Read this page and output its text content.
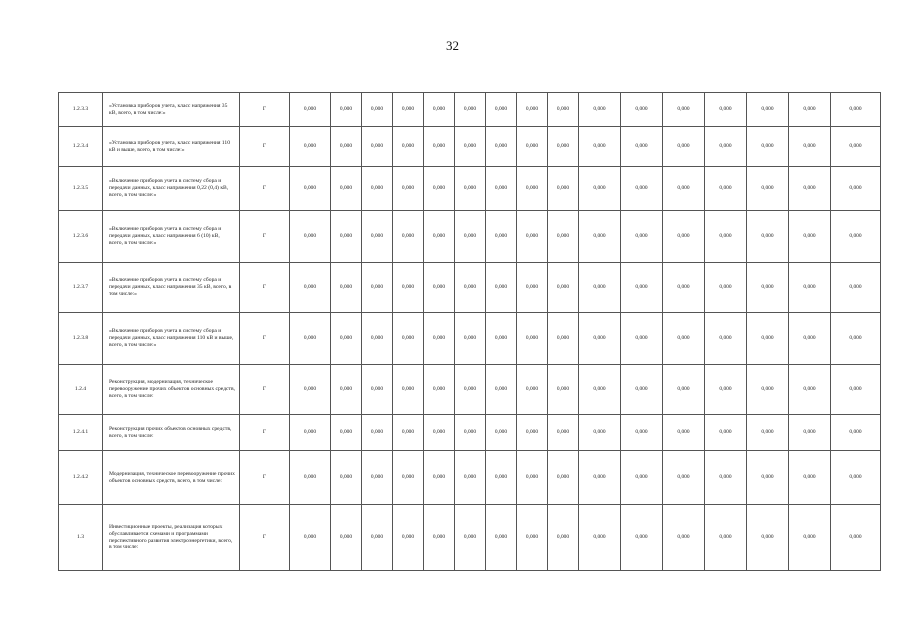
32
1.2.3.3	«Установка приборов учета, класс напряжения 35 кВ, всего, в том числе:»	Г	0,000	0,000	0,000	0,000	0,000	0,000	0,000	0,000	0,000	0,000	0,000	0,000	0,000	0,000	0,000	0,000
1.2.3.4	«Установка приборов учета, класс напряжения 110 кВ и выше, всего, в том числе:»	Г	0,000	0,000	0,000	0,000	0,000	0,000	0,000	0,000	0,000	0,000	0,000	0,000	0,000	0,000	0,000	0,000
1.2.3.5	«Включение приборов учета в систему сбора и передачи данных, класс напряжения 0,22 (0,4) кВ, всего, в том числе:»	Г	0,000	0,000	0,000	0,000	0,000	0,000	0,000	0,000	0,000	0,000	0,000	0,000	0,000	0,000	0,000	0,000
1.2.3.6	«Включение приборов учета в систему сбора и передачи данных, класс напряжения 6 (10) кВ, всего, в том числе:»	Г	0,000	0,000	0,000	0,000	0,000	0,000	0,000	0,000	0,000	0,000	0,000	0,000	0,000	0,000	0,000	0,000
1.2.3.7	«Включение приборов учета в систему сбора и передачи данных, класс напряжения 35 кВ, всего, в том числе:»	Г	0,000	0,000	0,000	0,000	0,000	0,000	0,000	0,000	0,000	0,000	0,000	0,000	0,000	0,000	0,000	0,000
1.2.3.8	«Включение приборов учета в систему сбора и передачи данных, класс напряжения 110 кВ и выше, всего, в том числе:»	Г	0,000	0,000	0,000	0,000	0,000	0,000	0,000	0,000	0,000	0,000	0,000	0,000	0,000	0,000	0,000	0,000
1.2.4	Реконструкция, модернизация, техническое перевооружение прочих объектов основных средств, всего, в том числе:	Г	0,000	0,000	0,000	0,000	0,000	0,000	0,000	0,000	0,000	0,000	0,000	0,000	0,000	0,000	0,000	0,000
1.2.4.1	Реконструкция прочих объектов основных средств, всего, в том числе:	Г	0,000	0,000	0,000	0,000	0,000	0,000	0,000	0,000	0,000	0,000	0,000	0,000	0,000	0,000	0,000	0,000
1.2.4.2	Модернизация, техническое перевооружение прочих объектов основных средств, всего, в том числе:	Г	0,000	0,000	0,000	0,000	0,000	0,000	0,000	0,000	0,000	0,000	0,000	0,000	0,000	0,000	0,000	0,000
1.3	Инвестиционные проекты, реализация которых обуславливается схемами и программами перспективного развития электроэнергетики, всего, в том числе:	Г	0,000	0,000	0,000	0,000	0,000	0,000	0,000	0,000	0,000	0,000	0,000	0,000	0,000	0,000	0,000	0,000
